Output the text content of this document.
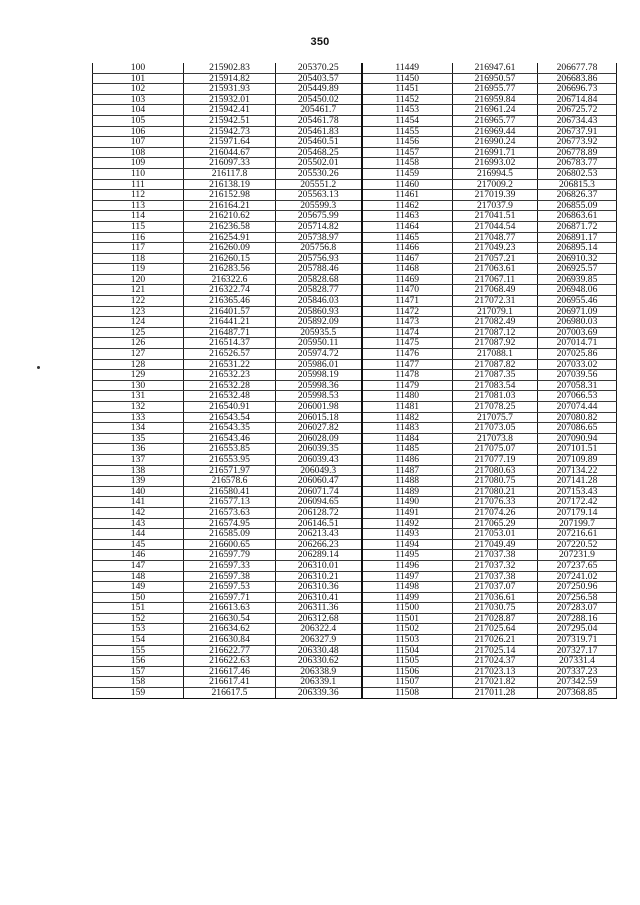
350
100	215902.83	205370.25	11449	216947.61	206677.78
101	215914.82	205403.57	11450	216950.57	206683.86
102	215931.93	205449.89	11451	216955.77	206696.73
103	215932.01	205450.02	11452	216959.84	206714.84
104	215942.41	205461.7	11453	216961.24	206725.72
105	215942.51	205461.78	11454	216965.77	206734.43
106	215942.73	205461.83	11455	216969.44	206737.91
107	215971.64	205460.51	11456	216990.24	206773.92
108	216044.67	205468.25	11457	216991.71	206778.89
109	216097.33	205502.01	11458	216993.02	206783.77
110	216117.8	205530.26	11459	216994.5	206802.53
111	216138.19	205551.2	11460	217009.2	206815.3
112	216152.98	205563.13	11461	217019.39	206826.37
113	216164.21	205599.3	11462	217037.9	206855.09
114	216210.62	205675.99	11463	217041.51	206863.61
115	216236.58	205714.82	11464	217044.54	206871.72
116	216254.91	205738.97	11465	217048.77	206891.17
117	216260.09	205756.8	11466	217049.23	206895.14
118	216260.15	205756.93	11467	217057.21	206910.32
119	216283.56	205788.46	11468	217063.61	206925.57
120	216322.6	205828.68	11469	217067.11	206939.85
121	216322.74	205828.77	11470	217068.49	206948.06
122	216365.46	205846.03	11471	217072.31	206955.46
123	216401.57	205860.93	11472	217079.1	206971.09
124	216441.21	205892.09	11473	217082.49	206980.03
125	216487.71	205935.5	11474	217087.12	207003.69
126	216514.37	205950.11	11475	217087.92	207014.71
127	216526.57	205974.72	11476	217088.1	207025.86
128	216531.22	205986.01	11477	217087.82	207033.02
129	216532.23	205998.19	11478	217087.35	207039.56
130	216532.28	205998.36	11479	217083.54	207058.31
131	216532.48	205998.53	11480	217081.03	207066.53
132	216540.91	206001.98	11481	217078.25	207074.44
133	216543.54	206015.18	11482	217075.7	207080.82
134	216543.35	206027.82	11483	217073.05	207086.65
135	216543.46	206028.09	11484	217073.8	207090.94
136	216553.85	206039.35	11485	217075.07	207101.51
137	216553.95	206039.43	11486	217077.19	207109.89
138	216571.97	206049.3	11487	217080.63	207134.22
139	216578.6	206060.47	11488	217080.75	207141.28
140	216580.41	206071.74	11489	217080.21	207153.43
141	216577.13	206094.65	11490	217076.33	207172.42
142	216573.63	206128.72	11491	217074.26	207179.14
143	216574.95	206146.51	11492	217065.29	207199.7
144	216585.09	206213.43	11493	217053.01	207216.61
145	216600.65	206266.23	11494	217049.49	207220.52
146	216597.79	206289.14	11495	217037.38	207231.9
147	216597.33	206310.01	11496	217037.32	207237.65
148	216597.38	206310.21	11497	217037.38	207241.02
149	216597.53	206310.36	11498	217037.07	207250.96
150	216597.71	206310.41	11499	217036.61	207256.58
151	216613.63	206311.36	11500	217030.75	207283.07
152	216630.54	206312.68	11501	217028.87	207288.16
153	216634.62	206322.4	11502	217025.64	207295.04
154	216630.84	206327.9	11503	217026.21	207319.71
155	216622.77	206330.48	11504	217025.14	207327.17
156	216622.63	206330.62	11505	217024.37	207331.4
157	216617.46	206338.9	11506	217023.13	207337.23
158	216617.41	206339.1	11507	217021.82	207342.59
159	216617.5	206339.36	11508	217011.28	207368.85
